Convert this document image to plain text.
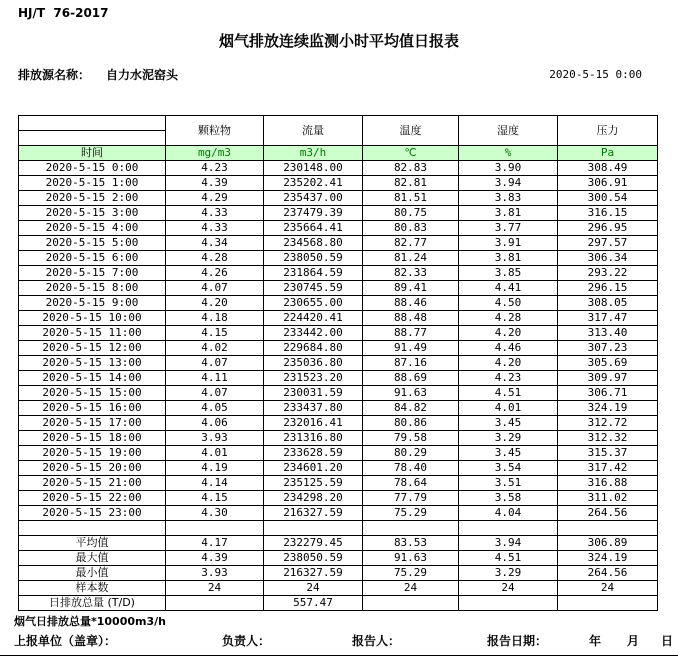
HJ/T  76-2017
烟气排放连续监测小时平均值日报表
排放源名称： 自力水泥窑头	2020-5-15 0:00
	颗粒物	流量	温度	湿度	压力

时间	mg/m3	m3/h	℃	%	Pa
2020-5-15 0:00	4.23	230148.00	82.83	3.90	308.49
2020-5-15 1:00	4.39	235202.41	82.81	3.94	306.91
2020-5-15 2:00	4.29	235437.00	81.51	3.83	300.54
2020-5-15 3:00	4.33	237479.39	80.75	3.81	316.15
2020-5-15 4:00	4.33	235664.41	80.83	3.77	296.95
2020-5-15 5:00	4.34	234568.80	82.77	3.91	297.57
2020-5-15 6:00	4.28	238050.59	81.24	3.81	306.34
2020-5-15 7:00	4.26	231864.59	82.33	3.85	293.22
2020-5-15 8:00	4.07	230745.59	89.41	4.41	296.15
2020-5-15 9:00	4.20	230655.00	88.46	4.50	308.05
2020-5-15 10:00	4.18	224420.41	88.48	4.28	317.47
2020-5-15 11:00	4.15	233442.00	88.77	4.20	313.40
2020-5-15 12:00	4.02	229684.80	91.49	4.46	307.23
2020-5-15 13:00	4.07	235036.80	87.16	4.20	305.69
2020-5-15 14:00	4.11	231523.20	88.69	4.23	309.97
2020-5-15 15:00	4.07	230031.59	91.63	4.51	306.71
2020-5-15 16:00	4.05	233437.80	84.82	4.01	324.19
2020-5-15 17:00	4.06	232016.41	80.86	3.45	312.72
2020-5-15 18:00	3.93	231316.80	79.58	3.29	312.32
2020-5-15 19:00	4.01	233628.59	80.29	3.45	315.37
2020-5-15 20:00	4.19	234601.20	78.40	3.54	317.42
2020-5-15 21:00	4.14	235125.59	78.64	3.51	316.88
2020-5-15 22:00	4.15	234298.20	77.79	3.58	311.02
2020-5-15 23:00	4.30	216327.59	75.29	4.04	264.56

平均值	4.17	232279.45	83.53	3.94	306.89
最大值	4.39	238050.59	91.63	4.51	324.19
最小值	3.93	216327.59	75.29	3.29	264.56
样本数	24	24	24	24	24
日排放总量 (T/D)		557.47			
烟气日排放总量*10000m3/h
上报单位（盖章）：	负责人：	报告人：	报告日期：	年 月 日
